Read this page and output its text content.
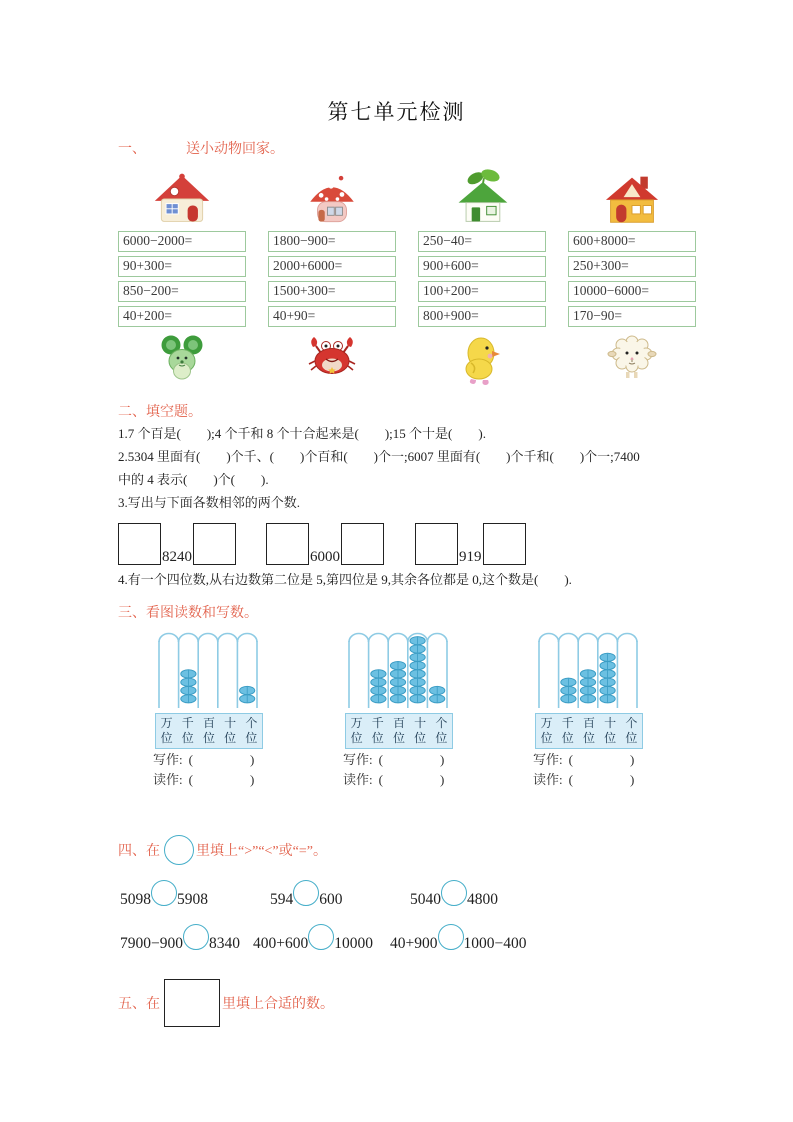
第七单元检测
一、	送小动物回家。
6000−2000=
90+300=
850−200=
40+200=
1800−900=
2000+6000=
1500+300=
40+90=
250−40=
900+600=
100+200=
800+900=
600+8000=
250+300=
10000−6000=
170−90=
二、填空题。

1.7 个百是(　　);4 个千和 8 个十合起来是(　　);15 个十是(　　).

2.5304 里面有(　　)个千、(　　)个百和(　　)个一;6007 里面有(　　)个千和(　　)个一;7400

中的 4 表示(　　)个(　　).

3.写出与下面各数相邻的两个数.

8240	6000	919

4.有一个四位数,从右边数第二位是 5,第四位是 9,其余各位都是 0,这个数是(　　).

三、看图读数和写数。
万 千 百 十 个
位 位 位 位 位
写作: (　　　　)
读作: (　　　　)
万 千 百 十 个
位 位 位 位 位
写作: (　　　　)
读作: (　　　　)
万 千 百 十 个
位 位 位 位 位
写作: (　　　　)
读作: (　　　　)
四、在	里填上“>”“<”或“=”。
5098 5908	594 600	5040 4800
7900−900 8340 400+600 10000 40+900 1000−400
五、在	里填上合适的数。
